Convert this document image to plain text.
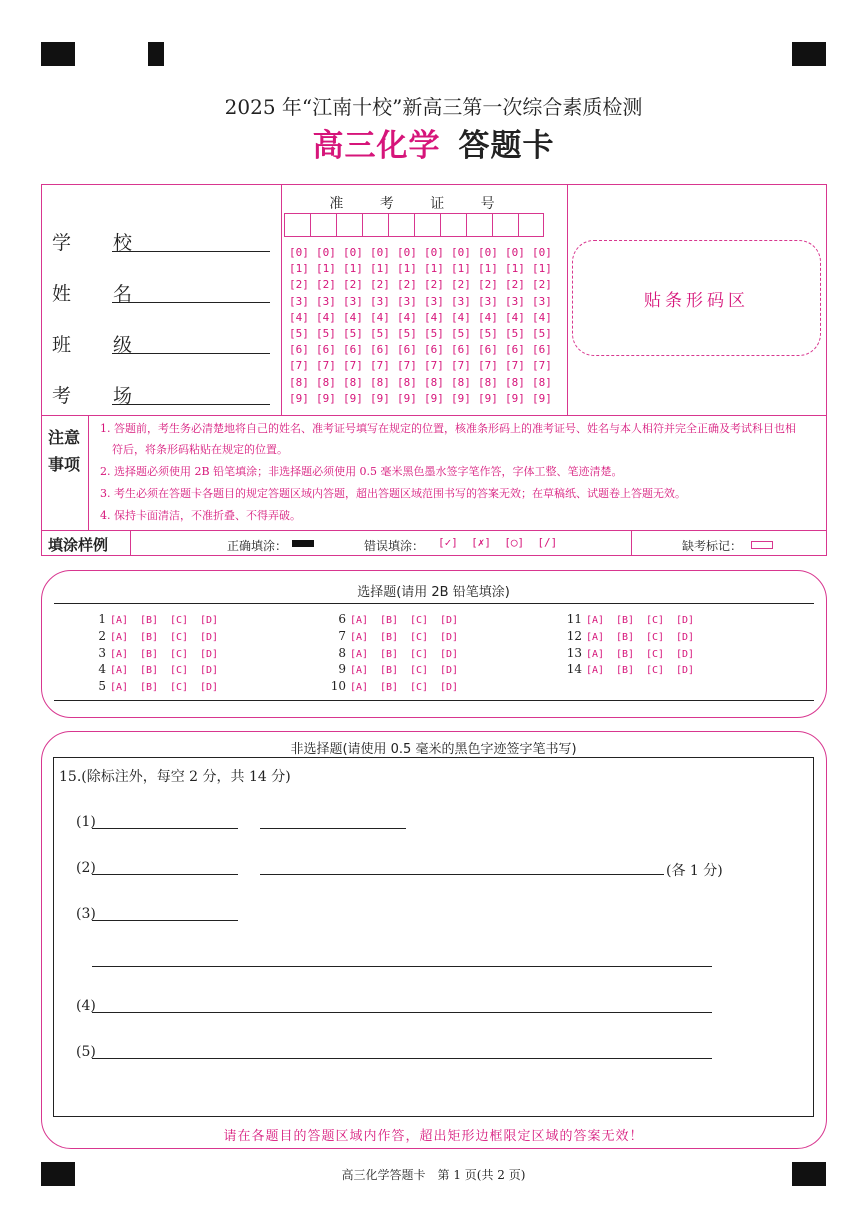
2025 年“江南十校”新高三第一次综合素质检测
高三化学 答题卡
学 校
姓 名
班 级
考 场
准 考 证 号
[0] [0] [0] [0] [0] [0] [0] [0] [0] [0]
[1] [1] [1] [1] [1] [1] [1] [1] [1] [1]
[2] [2] [2] [2] [2] [2] [2] [2] [2] [2]
[3] [3] [3] [3] [3] [3] [3] [3] [3] [3]
[4] [4] [4] [4] [4] [4] [4] [4] [4] [4]
[5] [5] [5] [5] [5] [5] [5] [5] [5] [5]
[6] [6] [6] [6] [6] [6] [6] [6] [6] [6]
[7] [7] [7] [7] [7] [7] [7] [7] [7] [7]
[8] [8] [8] [8] [8] [8] [8] [8] [8] [8]
[9] [9] [9] [9] [9] [9] [9] [9] [9] [9]
贴条形码区
注意事项
1. 答题前，考生务必清楚地将自己的姓名、准考证号填写在规定的位置，核准条形码上的准考证号、姓名与本人相符并完全正确及考试科目也相
符后，将条形码粘贴在规定的位置。
2. 选择题必须使用 2B 铅笔填涂；非选择题必须使用 0.5 毫米黑色墨水签字笔作答，字体工整、笔迹清楚。
3. 考生必须在答题卡各题目的规定答题区域内答题，超出答题区域范围书写的答案无效；在草稿纸、试题卷上答题无效。
4. 保持卡面清洁，不准折叠、不得弄破。
填涂样例	正确填涂：	错误填涂： [✓]  [✗]  [◯]  [/]	缺考标记：
选择题(请用 2B 铅笔填涂)
1 [A] [B] [C] [D]
2 [A] [B] [C] [D]
3 [A] [B] [C] [D]
4 [A] [B] [C] [D]
5 [A] [B] [C] [D]
6 [A] [B] [C] [D]
7 [A] [B] [C] [D]
8 [A] [B] [C] [D]
9 [A] [B] [C] [D]
10 [A] [B] [C] [D]
11 [A] [B] [C] [D]
12 [A] [B] [C] [D]
13 [A] [B] [C] [D]
14 [A] [B] [C] [D]
非选择题(请使用 0.5 毫米的黑色字迹签字笔书写)
15.(除标注外，每空 2 分，共 14 分)
(1)
(2)	(各 1 分)
(3)
(4)
(5)
请在各题目的答题区域内作答，超出矩形边框限定区域的答案无效！
高三化学答题卡　第 1 页(共 2 页)
